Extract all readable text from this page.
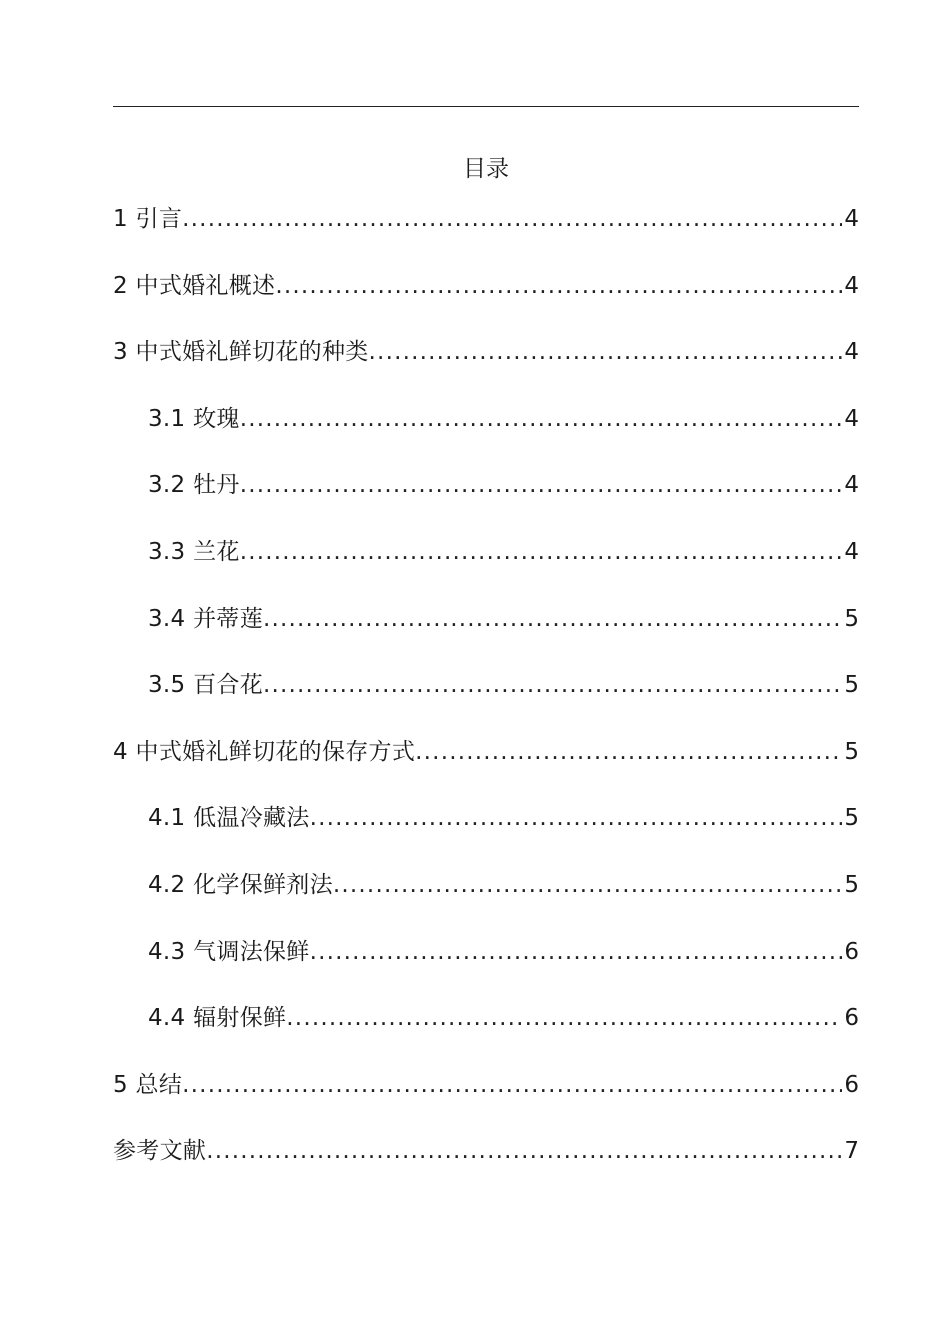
目录
1 引言 .....	4
2 中式婚礼概述 .....	4
3 中式婚礼鲜切花的种类 .....	4
3.1 玫瑰 .....	4
3.2 牡丹 .....	4
3.3 兰花 .....	4
3.4 并蒂莲 .....	5
3.5 百合花 .....	5
4 中式婚礼鲜切花的保存方式 .....	5
4.1 低温冷藏法 .....	5
4.2 化学保鲜剂法 .....	5
4.3 气调法保鲜 .....	6
4.4 辐射保鲜 .....	6
5 总结 .....	6
参考文献 .....	7
